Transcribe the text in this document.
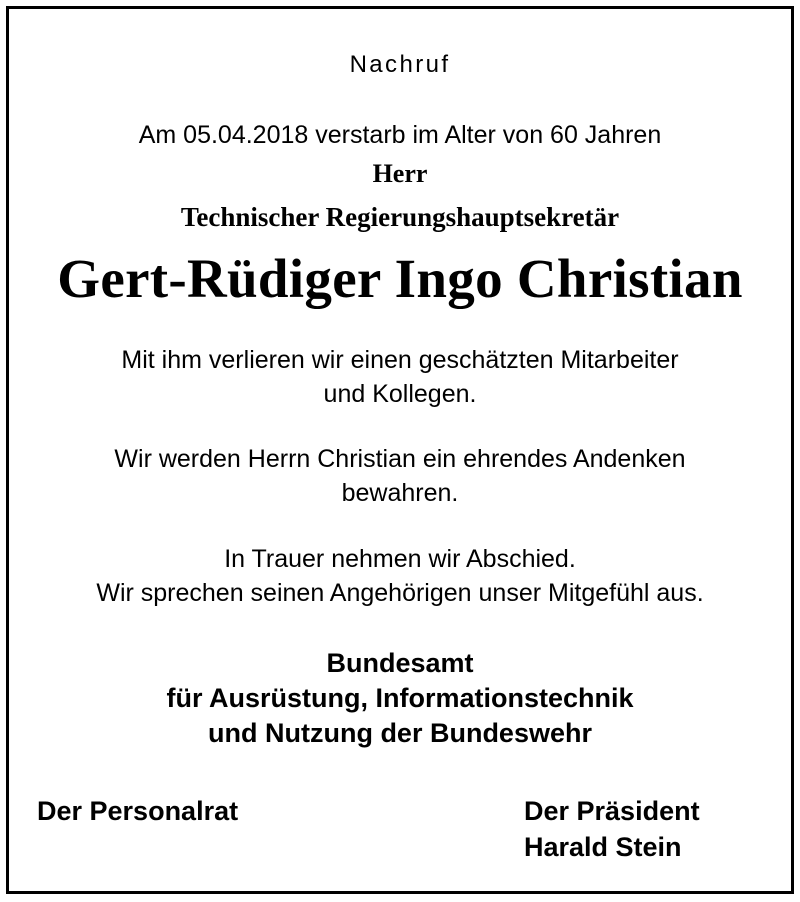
Nachruf
Am 05.04.2018 verstarb im Alter von 60 Jahren
Herr
Technischer Regierungshauptsekretär
Gert-Rüdiger Ingo Christian
Mit ihm verlieren wir einen geschätzten Mitarbeiter
und Kollegen.
Wir werden Herrn Christian ein ehrendes Andenken
bewahren.
In Trauer nehmen wir Abschied.
Wir sprechen seinen Angehörigen unser Mitgefühl aus.
Bundesamt
für Ausrüstung, Informationstechnik
und Nutzung der Bundeswehr
Der Personalrat	Der Präsident
Harald Stein
